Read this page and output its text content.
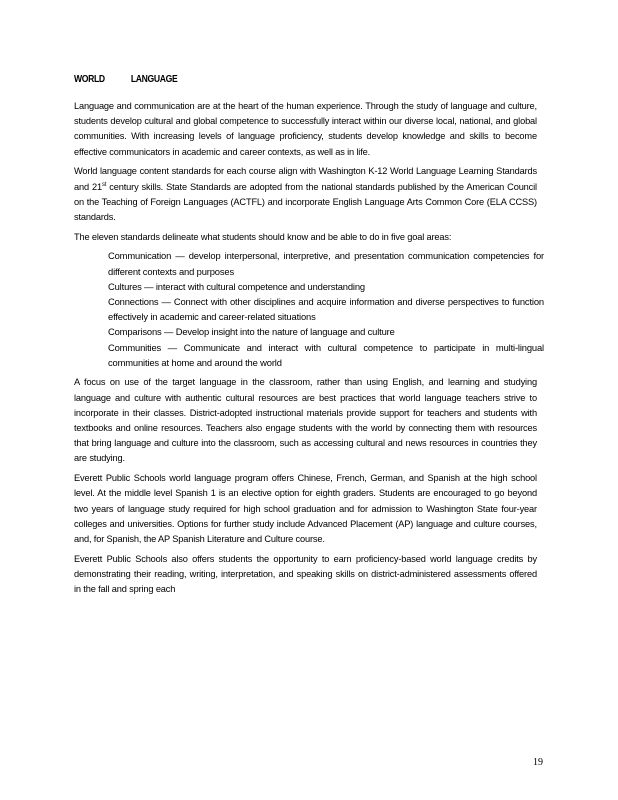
WORLD LANGUAGE

Language and communication are at the heart of the human experience. Through the study of language and culture, students develop cultural and global competence to successfully interact within our diverse local, national, and global communities. With increasing levels of language proficiency, students develop knowledge and skills to become effective communicators in academic and career contexts, as well as in life.

World language content standards for each course align with Washington K-12 World Language Learning Standards and 21st century skills. State Standards are adopted from the national standards published by the American Council on the Teaching of Foreign Languages (ACTFL) and incorporate English Language Arts Common Core (ELA CCSS) standards.

The eleven standards delineate what students should know and be able to do in five goal areas:

Communication — develop interpersonal, interpretive, and presentation communication competencies for different contexts and purposes
Cultures — interact with cultural competence and understanding
Connections — Connect with other disciplines and acquire information and diverse perspectives to function effectively in academic and career-related situations
Comparisons — Develop insight into the nature of language and culture
Communities — Communicate and interact with cultural competence to participate in multi-lingual communities at home and around the world

A focus on use of the target language in the classroom, rather than using English, and learning and studying language and culture with authentic cultural resources are best practices that world language teachers strive to incorporate in their classes. District-adopted instructional materials provide support for teachers and students with textbooks and online resources. Teachers also engage students with the world by connecting them with resources that bring language and culture into the classroom, such as accessing cultural and news resources in countries they are studying.

Everett Public Schools world language program offers Chinese, French, German, and Spanish at the high school level. At the middle level Spanish 1 is an elective option for eighth graders. Students are encouraged to go beyond two years of language study required for high school graduation and for admission to Washington State four-year colleges and universities. Options for further study include Advanced Placement (AP) language and culture courses, and, for Spanish, the AP Spanish Literature and Culture course.

Everett Public Schools also offers students the opportunity to earn proficiency-based world language credits by demonstrating their reading, writing, interpretation, and speaking skills on district-administered assessments offered in the fall and spring each

19
